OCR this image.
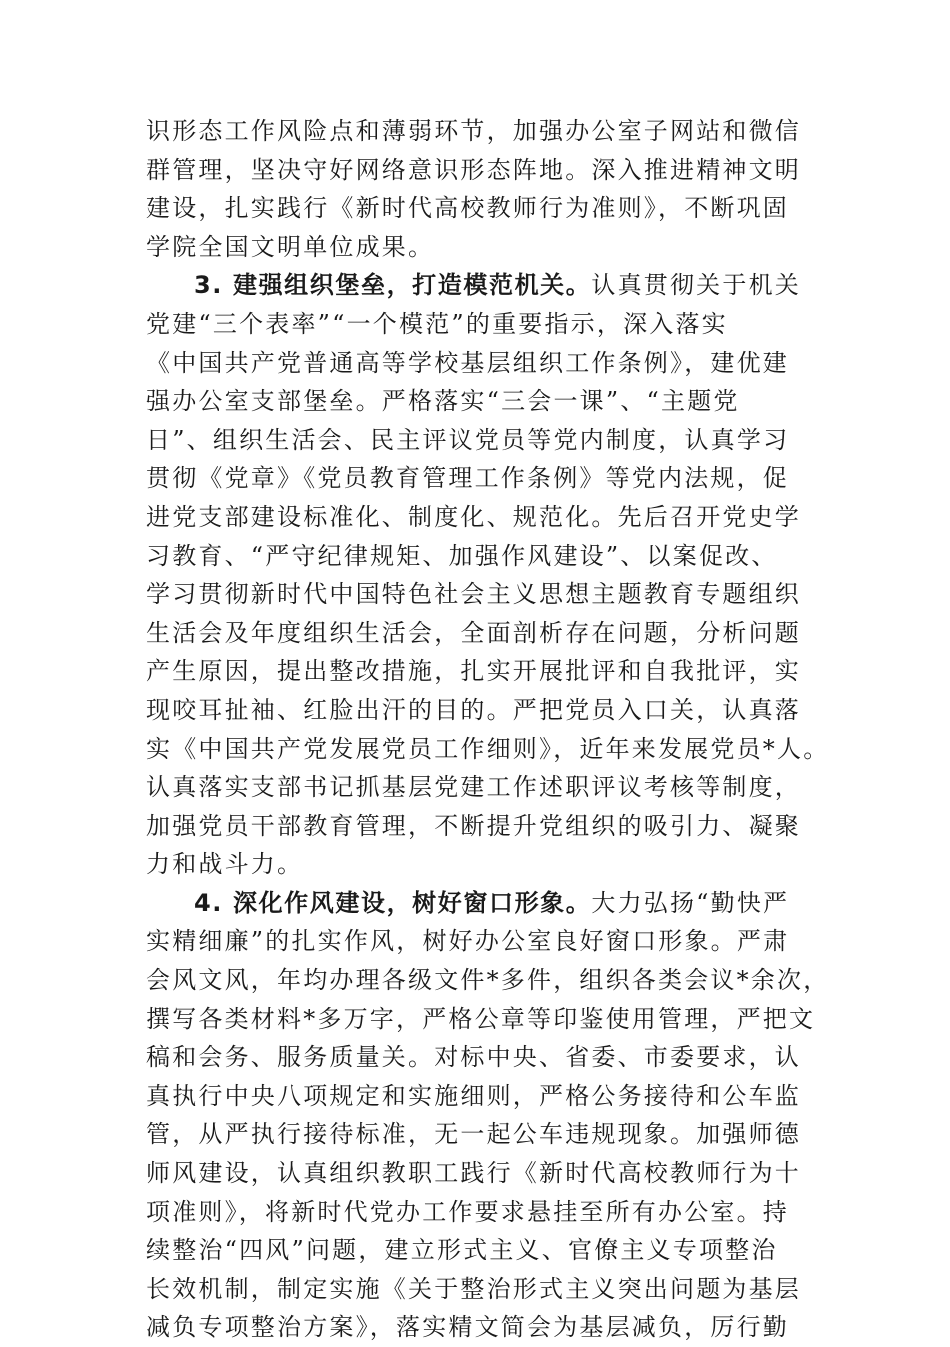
识形态工作风险点和薄弱环节，加强办公室子网站和微信
群管理，坚决守好网络意识形态阵地。深入推进精神文明
建设，扎实践行《新时代高校教师行为准则》，不断巩固
学院全国文明单位成果。
3. 建强组织堡垒，打造模范机关。认真贯彻关于机关
党建“三个表率”“一个模范”的重要指示，深入落实
《中国共产党普通高等学校基层组织工作条例》，建优建
强办公室支部堡垒。严格落实“三会一课”、“主题党
日”、组织生活会、民主评议党员等党内制度，认真学习
贯彻《党章》《党员教育管理工作条例》等党内法规，促
进党支部建设标准化、制度化、规范化。先后召开党史学
习教育、“严守纪律规矩、加强作风建设”、以案促改、
学习贯彻新时代中国特色社会主义思想主题教育专题组织
生活会及年度组织生活会，全面剖析存在问题，分析问题
产生原因，提出整改措施，扎实开展批评和自我批评，实
现咬耳扯袖、红脸出汗的目的。严把党员入口关，认真落
实《中国共产党发展党员工作细则》，近年来发展党员*人。
认真落实支部书记抓基层党建工作述职评议考核等制度，
加强党员干部教育管理，不断提升党组织的吸引力、凝聚
力和战斗力。
4. 深化作风建设，树好窗口形象。大力弘扬“勤快严
实精细廉”的扎实作风，树好办公室良好窗口形象。严肃
会风文风，年均办理各级文件*多件，组织各类会议*余次，
撰写各类材料*多万字，严格公章等印鉴使用管理，严把文
稿和会务、服务质量关。对标中央、省委、市委要求，认
真执行中央八项规定和实施细则，严格公务接待和公车监
管，从严执行接待标准，无一起公车违规现象。加强师德
师风建设，认真组织教职工践行《新时代高校教师行为十
项准则》，将新时代党办工作要求悬挂至所有办公室。持
续整治“四风”问题，建立形式主义、官僚主义专项整治
长效机制，制定实施《关于整治形式主义突出问题为基层
减负专项整治方案》，落实精文简会为基层减负，厉行勤
